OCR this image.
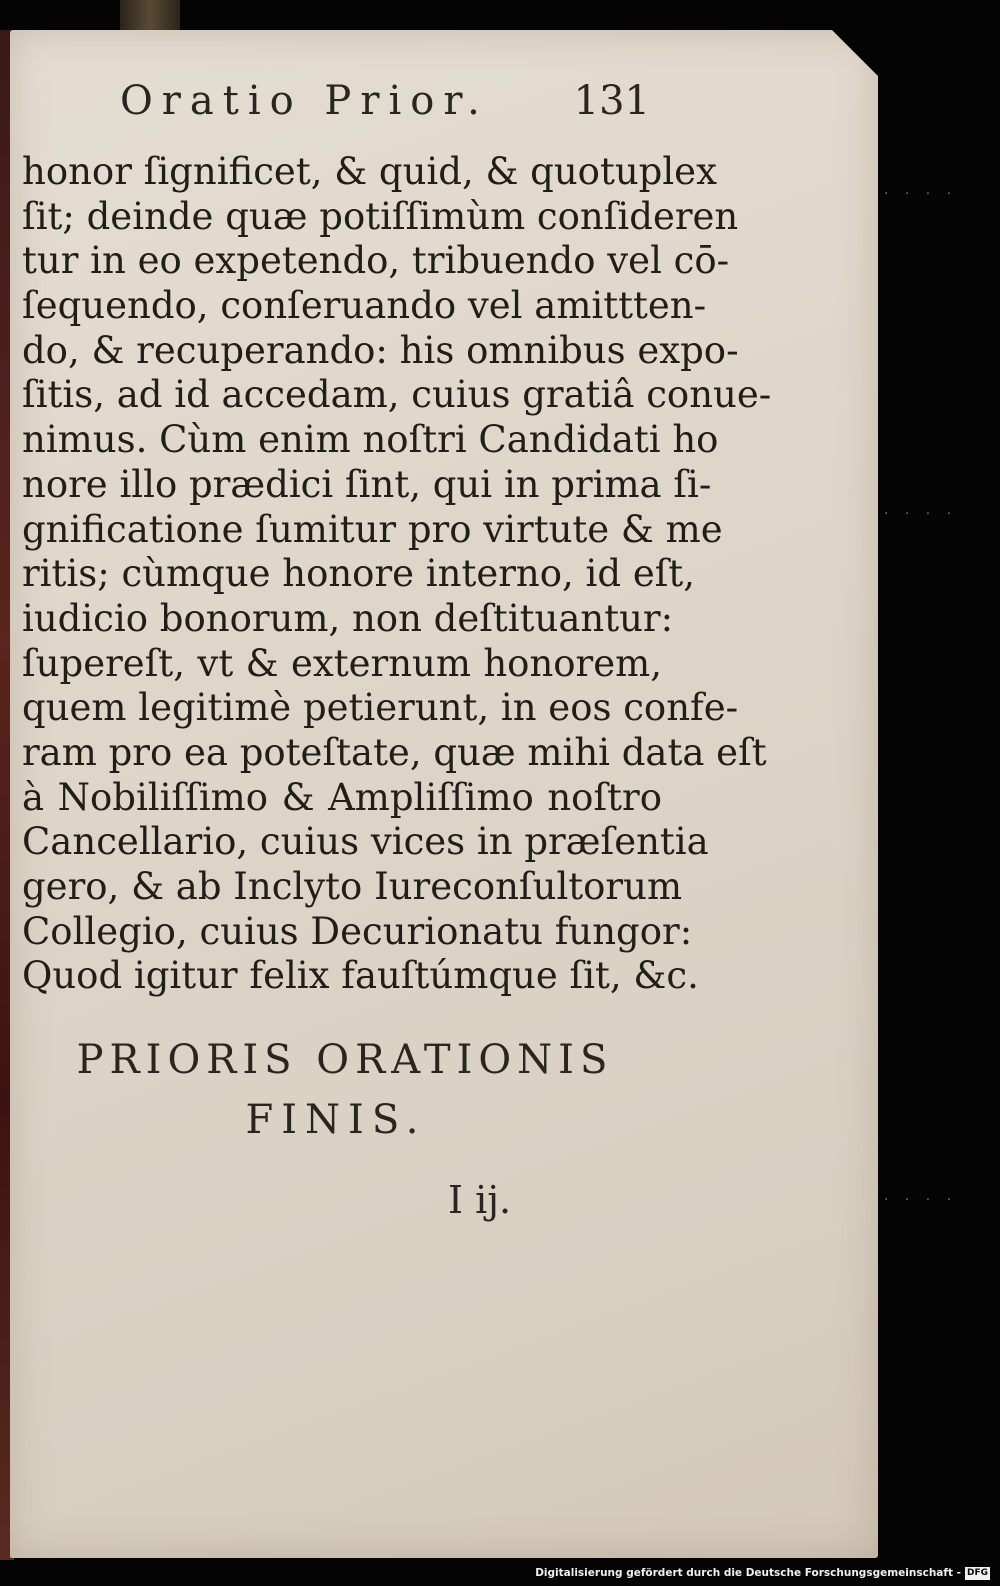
Oratio Prior. 131
honor ſignificet, & quid, & quotuplex
ſit; deinde quæ potiſſimùm conſideren
tur in eo expetendo, tribuendo vel cō-
ſequendo, conſeruando vel amittten-
do, & recuperando: his omnibus expo-
ſitis, ad id accedam, cuius gratiâ conue-
nimus. Cùm enim noſtri Candidati ho
nore illo prædici ſint, qui in prima ſi-
gnificatione ſumitur pro virtute & me
ritis; cùmque honore interno, id eſt,
iudicio bonorum, non deſtituantur:
ſupereſt, vt & externum honorem,
quem legitimè petierunt, in eos confe-
ram pro ea poteſtate, quæ mihi data eſt
à Nobiliſſimo & Ampliſſimo noſtro
Cancellario, cuius vices in præſentia
gero, & ab Inclyto Iureconſultorum
Collegio, cuius Decurionatu fungor:
Quod igitur felix fauſtúmque ſit, &c.
PRIORIS ORATIONIS
FINIS.
I ij.
· · · ·
· · · ·
· · · ·
Digitalisierung gefördert durch die Deutsche Forschungsgemeinschaft - DFG
